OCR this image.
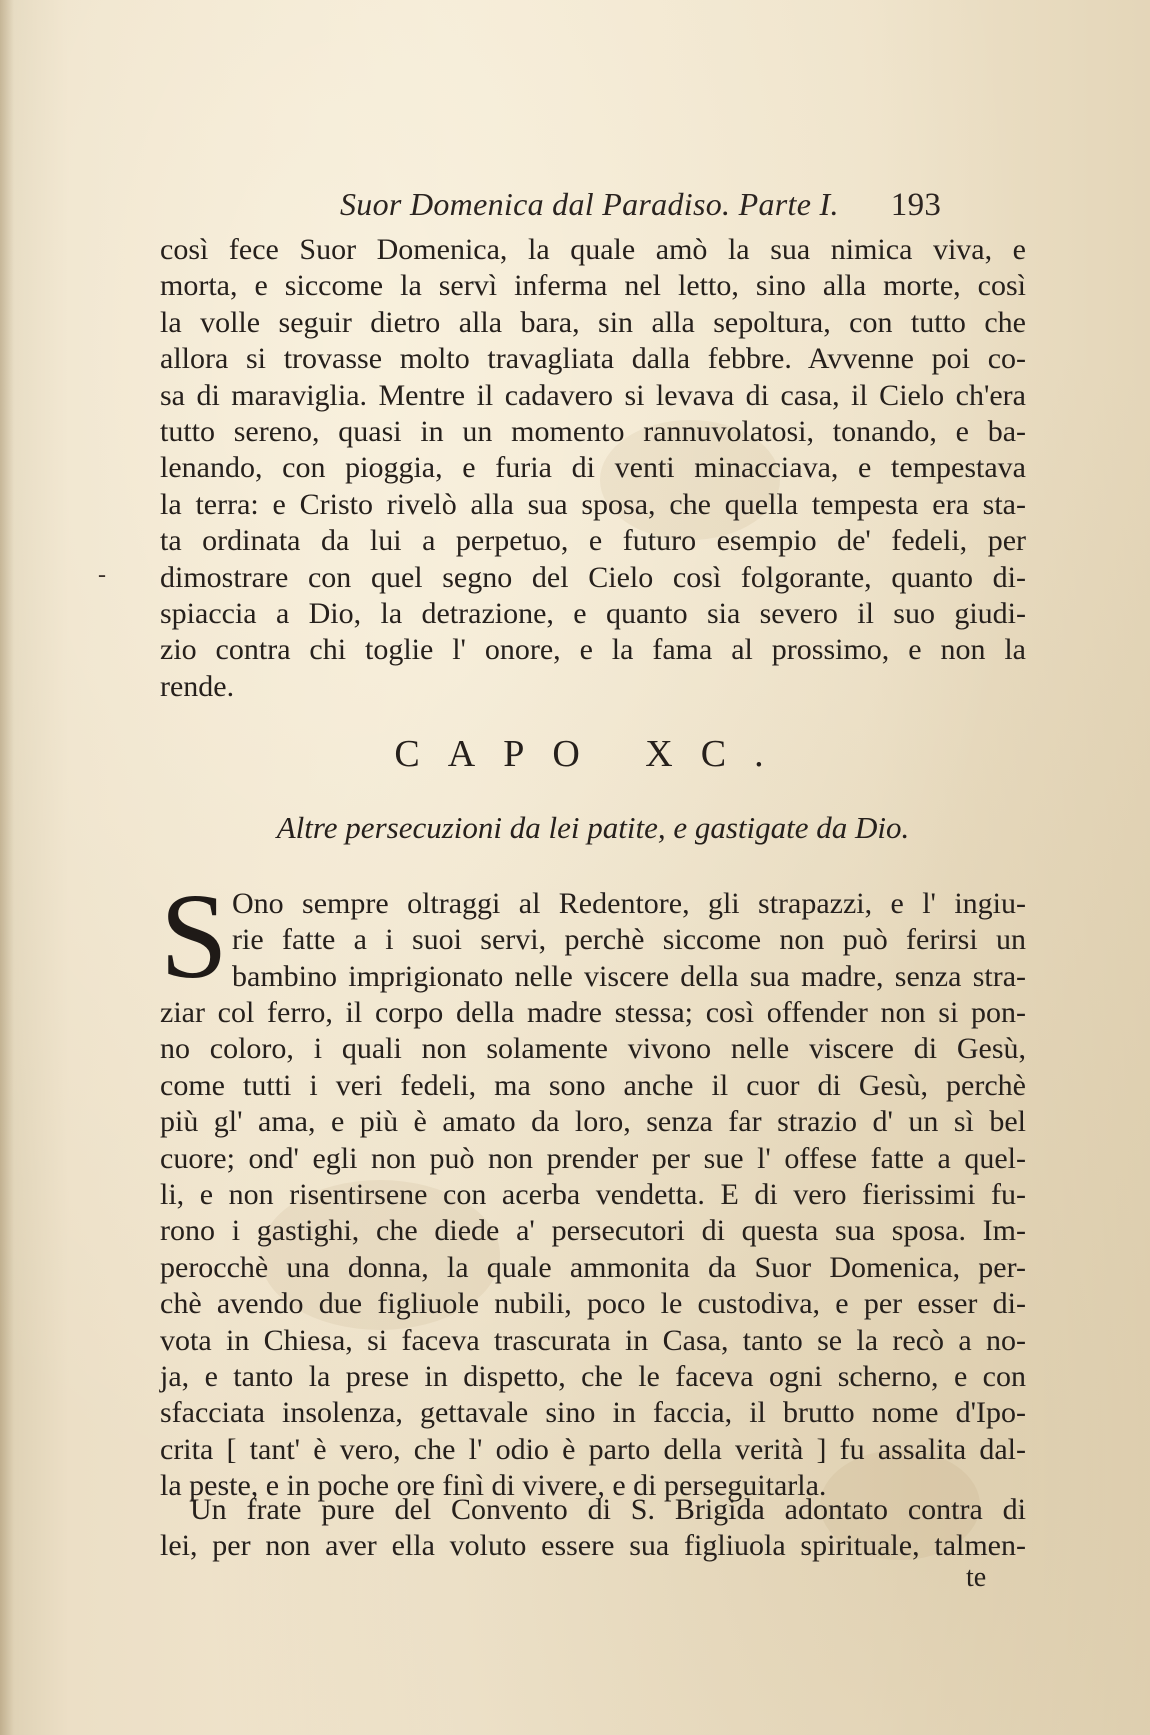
Suor Domenica dal Paradiso. Parte I. 193
così fece Suor Domenica, la quale amò la sua nimica viva, e
morta, e siccome la servì inferma nel letto, sino alla morte, così
la volle seguir dietro alla bara, sin alla sepoltura, con tutto che
allora si trovasse molto travagliata dalla febbre. Avvenne poi co-
sa di maraviglia. Mentre il cadavero si levava di casa, il Cielo ch'era
tutto sereno, quasi in un momento rannuvolatosi, tonando, e ba-
lenando, con pioggia, e furia di venti minacciava, e tempestava
la terra: e Cristo rivelò alla sua sposa, che quella tempesta era sta-
ta ordinata da lui a perpetuo, e futuro esempio de' fedeli, per
dimostrare con quel segno del Cielo così folgorante, quanto di-
spiaccia a Dio, la detrazione, e quanto sia severo il suo giudi-
zio contra chi toglie l' onore, e la fama al prossimo, e non la
rende.
-
CAPO XC.
Altre persecuzioni da lei patite, e gastigate da Dio.
S Ono sempre oltraggi al Redentore, gli strapazzi, e l' ingiu-
rie fatte a i suoi servi, perchè siccome non può ferirsi un
bambino imprigionato nelle viscere della sua madre, senza stra-
ziar col ferro, il corpo della madre stessa; così offender non si pon-
no coloro, i quali non solamente vivono nelle viscere di Gesù,
come tutti i veri fedeli, ma sono anche il cuor di Gesù, perchè
più gl' ama, e più è amato da loro, senza far strazio d' un sì bel
cuore; ond' egli non può non prender per sue l' offese fatte a quel-
li, e non risentirsene con acerba vendetta. E di vero fierissimi fu-
rono i gastighi, che diede a' persecutori di questa sua sposa. Im-
perocchè una donna, la quale ammonita da Suor Domenica, per-
chè avendo due figliuole nubili, poco le custodiva, e per esser di-
vota in Chiesa, si faceva trascurata in Casa, tanto se la recò a no-
ja, e tanto la prese in dispetto, che le faceva ogni scherno, e con
sfacciata insolenza, gettavale sino in faccia, il brutto nome d'Ipo-
crita [ tant' è vero, che l' odio è parto della verità ] fu assalita dal-
la peste, e in poche ore finì di vivere, e di perseguitarla.
Un frate pure del Convento di S. Brigida adontato contra di
lei, per non aver ella voluto essere sua figliuola spirituale, talmen-
te
